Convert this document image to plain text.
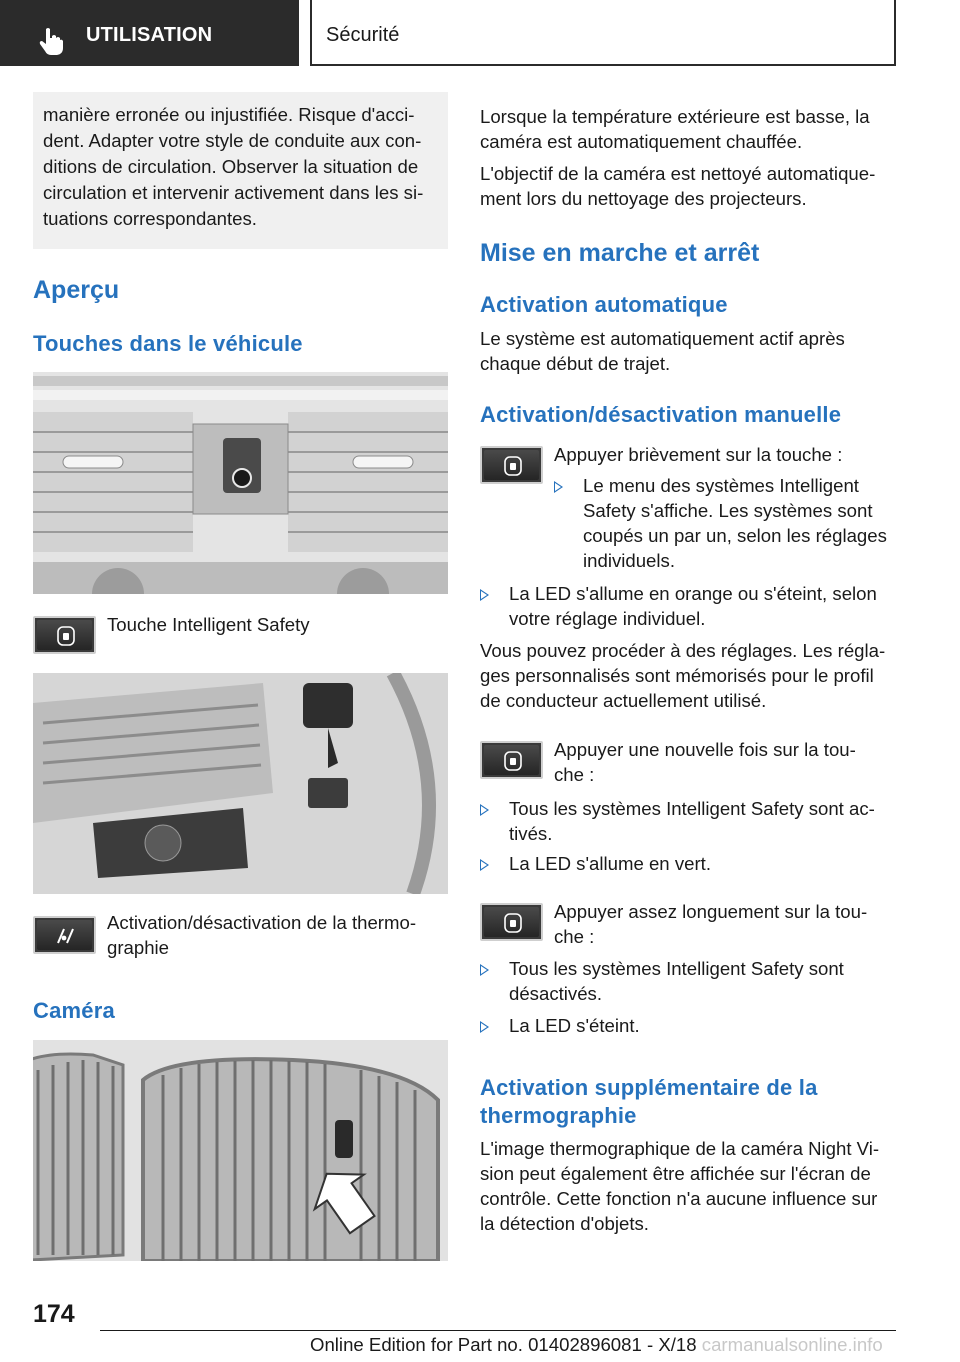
UTILISATION	Sécurité
manière erronée ou injustifiée. Risque d'acci-
dent. Adapter votre style de conduite aux con-
ditions de circulation. Observer la situation de
circulation et intervenir activement dans les si-
tuations correspondantes.
Aperçu
Touches dans le véhicule
Touche Intelligent Safety
Activation/désactivation de la thermo-
graphie
Caméra
Lorsque la température extérieure est basse, la
caméra est automatiquement chauffée.
L'objectif de la caméra est nettoyé automatique-
ment lors du nettoyage des projecteurs.
Mise en marche et arrêt
Activation automatique
Le système est automatiquement actif après
chaque début de trajet.
Activation/désactivation manuelle
Appuyer brièvement sur la touche :
Le menu des systèmes Intelligent
Safety s'affiche. Les systèmes sont
coupés un par un, selon les réglages
individuels.
La LED s'allume en orange ou s'éteint, selon
votre réglage individuel.
Vous pouvez procéder à des réglages. Les régla-
ges personnalisés sont mémorisés pour le profil
de conducteur actuellement utilisé.
Appuyer une nouvelle fois sur la tou-
che :
Tous les systèmes Intelligent Safety sont ac-
tivés.
La LED s'allume en vert.
Appuyer assez longuement sur la tou-
che :
Tous les systèmes Intelligent Safety sont
désactivés.
La LED s'éteint.
Activation supplémentaire de la
thermographie
L'image thermographique de la caméra Night Vi-
sion peut également être affichée sur l'écran de
contrôle. Cette fonction n'a aucune influence sur
la détection d'objets.
174
Online Edition for Part no. 01402896081 - X/18 carmanualsonline.info
